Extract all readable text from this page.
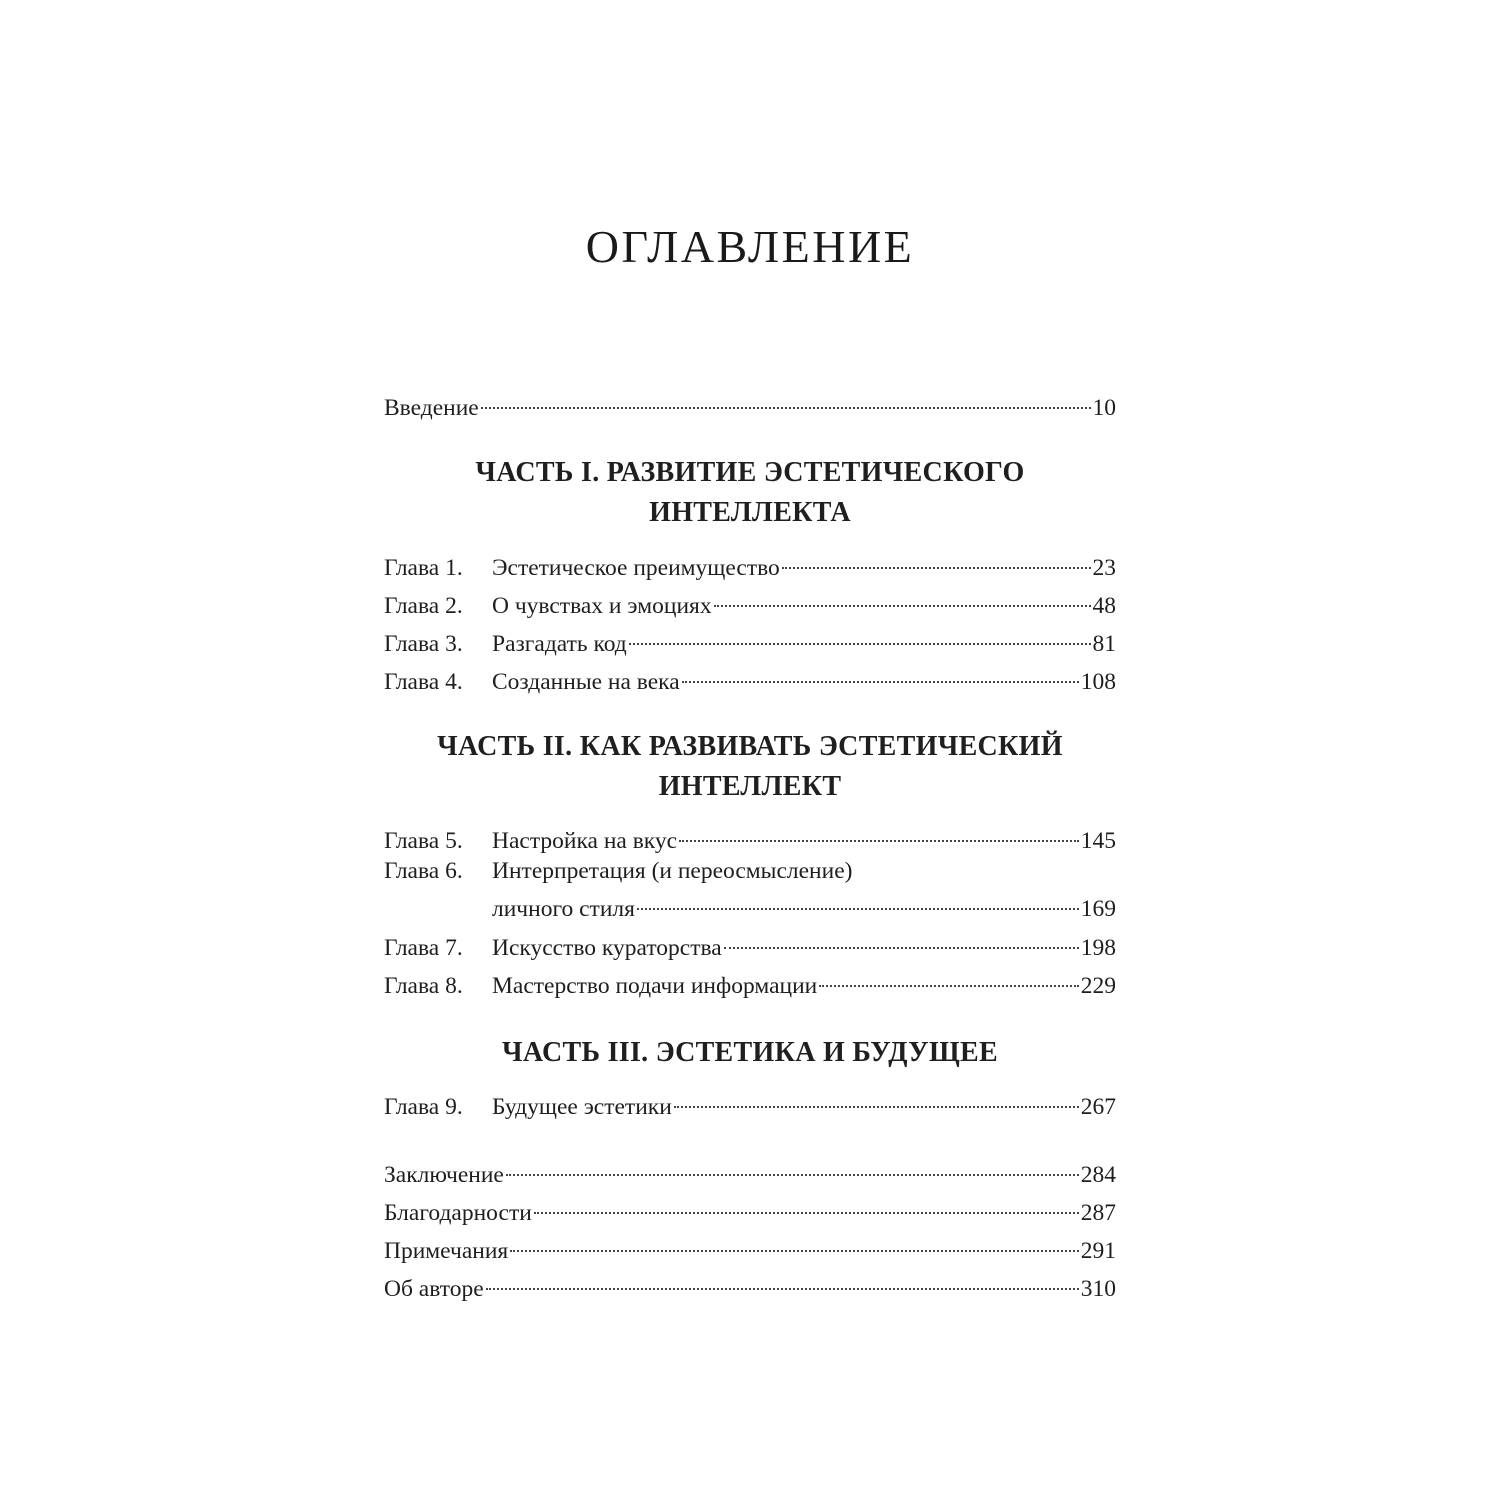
ОГЛАВЛЕНИЕ
Введение	10
ЧАСТЬ I. РАЗВИТИЕ ЭСТЕТИЧЕСКОГО
ИНТЕЛЛЕКТА
Глава 1.	Эстетическое преимущество	23
Глава 2.	О чувствах и эмоциях	48
Глава 3.	Разгадать код	81
Глава 4.	Созданные на века	108
ЧАСТЬ II. КАК РАЗВИВАТЬ ЭСТЕТИЧЕСКИЙ
ИНТЕЛЛЕКТ
Глава 5.	Настройка на вкус	145
Глава 6.	Интерпретация (и переосмысление)
личного стиля	169
Глава 7.	Искусство кураторства	198
Глава 8.	Мастерство подачи информации	229
ЧАСТЬ III. ЭСТЕТИКА И БУДУЩЕЕ
Глава 9.	Будущее эстетики	267
Заключение	284
Благодарности	287
Примечания	291
Об авторе	310
